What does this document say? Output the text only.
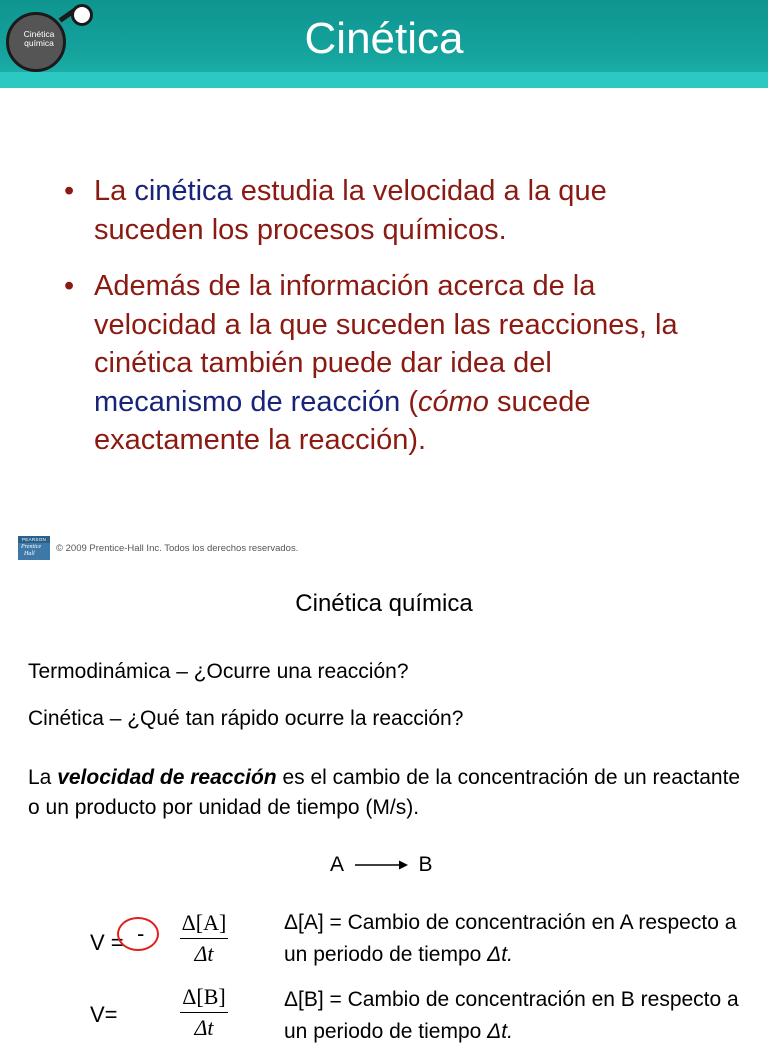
Cinética
química	Cinética
• La cinética estudia la velocidad a la que suceden los procesos químicos.
• Además de la información acerca de la velocidad a la que suceden las reacciones, la cinética también puede dar idea del mecanismo de reacción (cómo sucede exactamente la reacción).
PEARSON
Prentice
Hall	© 2009 Prentice-Hall Inc. Todos los derechos reservados.
Cinética química
Termodinámica – ¿Ocurre una reacción?
Cinética – ¿Qué tan rápido ocurre la reacción?
La velocidad de reacción es el cambio de la concentración de un reactante o un producto por unidad de tiempo (M/s).
A → B
V = - Δ[A]
Δt
Δ[A] = Cambio de concentración en A respecto a un periodo de tiempo Δt.
V=
Δ[B]
Δt
Δ[B] = Cambio de concentración en B respecto a un periodo de tiempo Δt.
